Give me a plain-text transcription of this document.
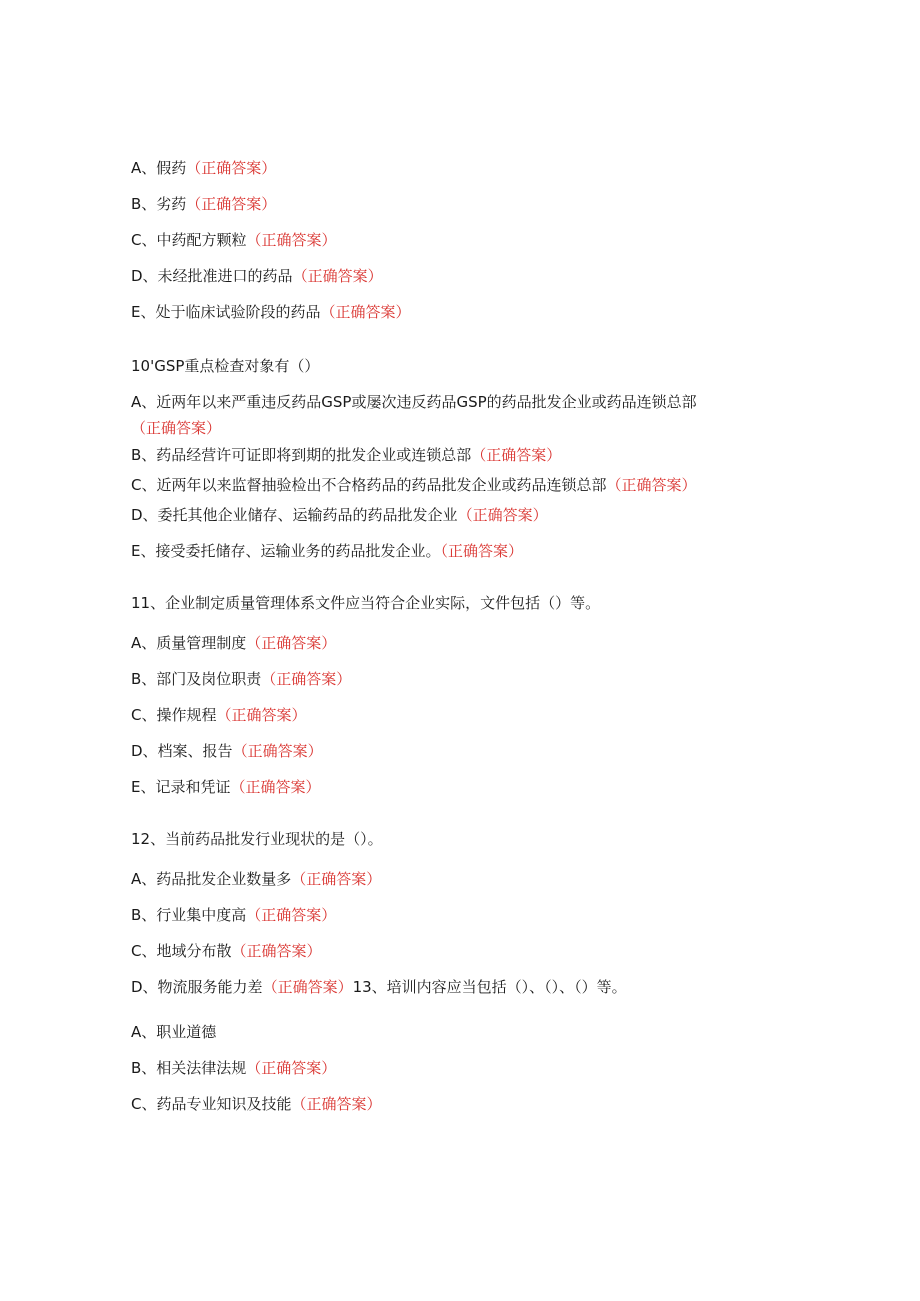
A、假药（正确答案）
B、劣药（正确答案）
C、中药配方颗粒（正确答案）
D、未经批准进口的药品（正确答案）
E、处于临床试验阶段的药品（正确答案）
10'GSP重点检查对象有（）
A、近两年以来严重违反药品GSP或屡次违反药品GSP的药品批发企业或药品连锁总部（正确答案）
B、药品经营许可证即将到期的批发企业或连锁总部（正确答案）
C、近两年以来监督抽验检出不合格药品的药品批发企业或药品连锁总部（正确答案）
D、委托其他企业储存、运输药品的药品批发企业（正确答案）
E、接受委托储存、运输业务的药品批发企业。（正确答案）
11、企业制定质量管理体系文件应当符合企业实际，文件包括（）等。
A、质量管理制度（正确答案）
B、部门及岗位职责（正确答案）
C、操作规程（正确答案）
D、档案、报告（正确答案）
E、记录和凭证（正确答案）
12、当前药品批发行业现状的是（）。
A、药品批发企业数量多（正确答案）
B、行业集中度高（正确答案）
C、地域分布散（正确答案）
D、物流服务能力差（正确答案）13、培训内容应当包括（）、（）、（）等。
A、职业道德
B、相关法律法规（正确答案）
C、药品专业知识及技能（正确答案）
